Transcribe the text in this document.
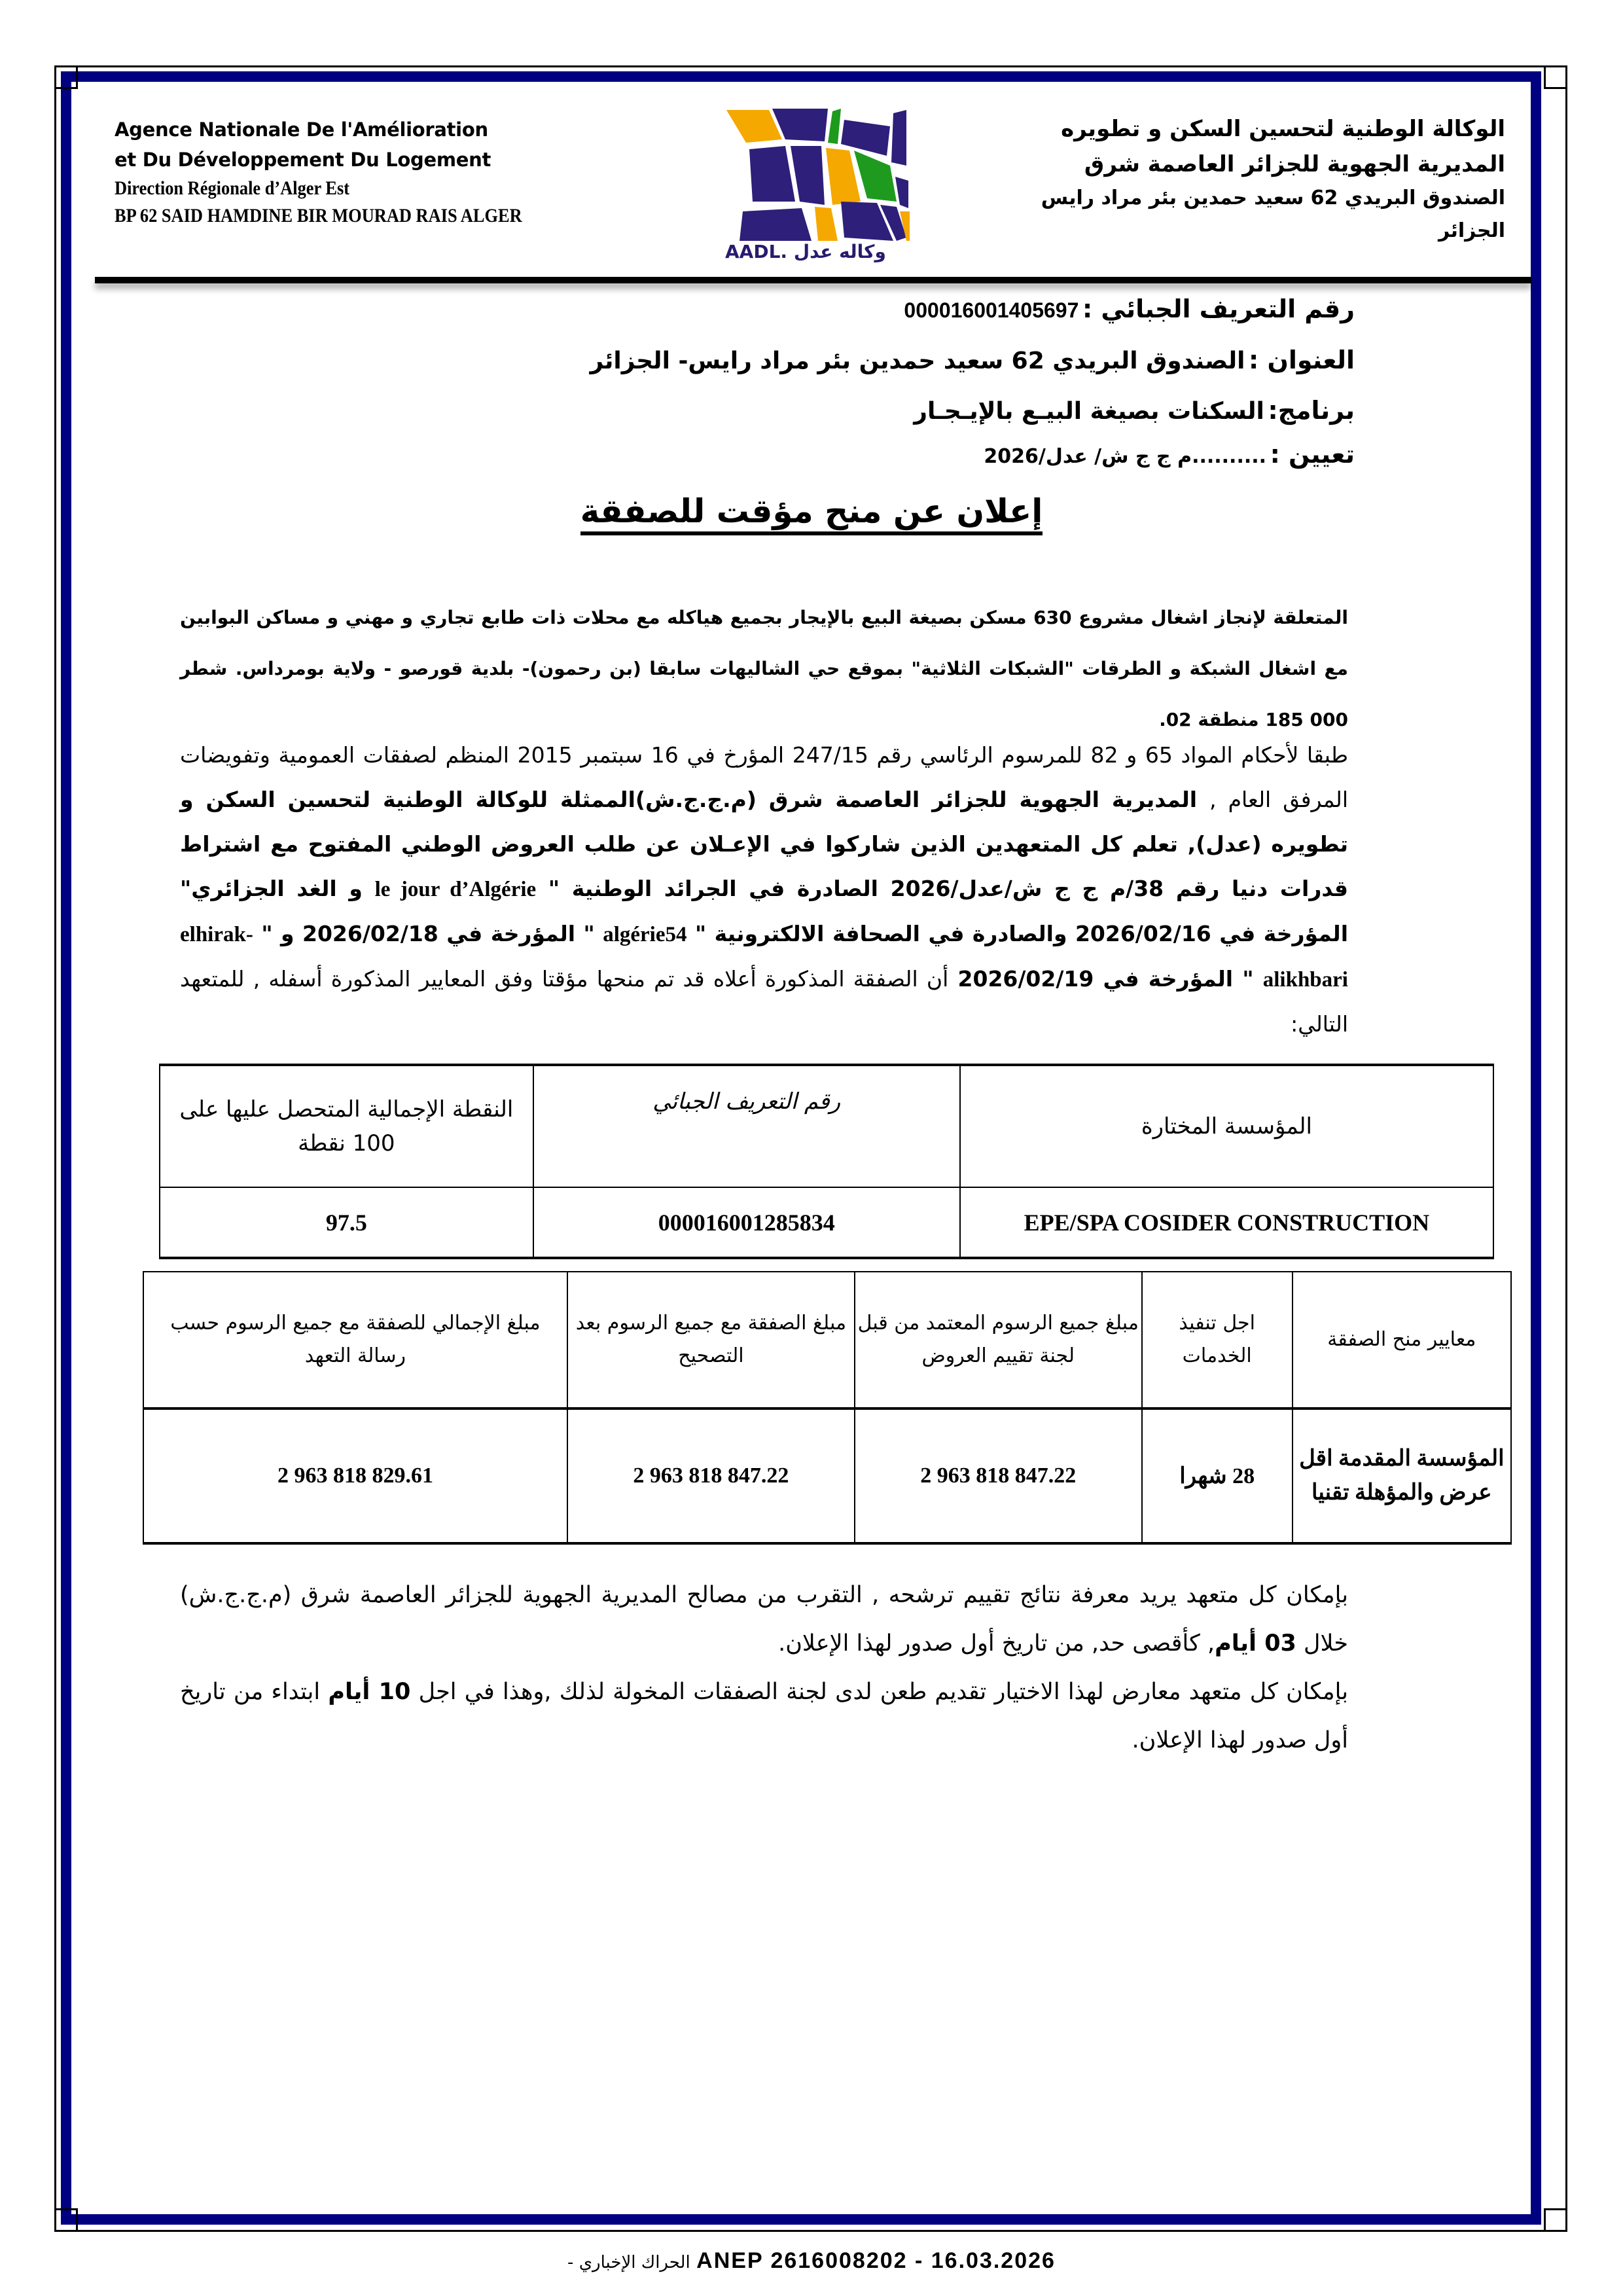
Agence Nationale De l'Amélioration
et Du Développement Du Logement
Direction Régionale d’Alger Est
BP 62 SAID HAMDINE BIR MOURAD RAIS ALGER
AADL. وكاله عدل
الوكالة الوطنية لتحسين السكن و تطويره
المديرية الجهوية للجزائر العاصمة شرق
الصندوق البريدي 62 سعيد حمدين بئر مراد رايس
الجزائر
رقم التعريف الجبائي : 000016001405697
العنوان : الصندوق البريدي 62 سعيد حمدين بئر مراد رايس- الجزائر
برنامج: السكنات بصيغة البيـع بالإيـجـار
تعيين : ..........م ج ج ش/ عدل/2026
إعلان عن منح مؤقت للصفقة
المتعلقة لإنجاز اشغال مشروع 630 مسكن بصيغة البيع بالإيجار بجميع هياكله مع محلات ذات طابع تجاري و مهني و مساكن البوابين مع اشغال الشبكة و الطرقات "الشبكات الثلاثية" بموقع حي الشاليهات سابقا (بن رحمون)- بلدية قورصو - ولاية بومرداس. شطر 000 185 منطقة 02.
طبقا لأحكام المواد 65 و 82 للمرسوم الرئاسي رقم 247/15 المؤرخ في 16 سبتمبر 2015 المنظم لصفقات العمومية وتفويضات المرفق العام , المديرية الجهوية للجزائر العاصمة شرق (م.ج.ج.ش)الممثلة للوكالة الوطنية لتحسين السكن و تطويره (عدل), تعلم كل المتعهدين الذين شاركوا في الإعـلان عن طلب العروض الوطني المفتوح مع اشتراط قدرات دنيا رقم 38/م ج ج ش/عدل/2026 الصادرة في الجرائد الوطنية " le jour d’Algérie و الغد الجزائري" المؤرخة في 2026/02/16 والصادرة في الصحافة الالكترونية " algérie54 " المؤرخة في 2026/02/18 و " elhirak-alikhbari " المؤرخة في 2026/02/19 أن الصفقة المذكورة أعلاه قد تم منحها مؤقتا وفق المعايير المذكورة أسفله , للمتعهد التالي:
المؤسسة المختارة	رقم التعريف الجبائي	النقطة الإجمالية المتحصل عليها على 100 نقطة
EPE/SPA COSIDER CONSTRUCTION	000016001285834	97.5
معايير منح الصفقة	اجل تنفيذ الخدمات	مبلغ جميع الرسوم المعتمد من قبل لجنة تقييم العروض	مبلغ الصفقة مع جميع الرسوم بعد التصحيح	مبلغ الإجمالي للصفقة مع جميع الرسوم حسب رسالة التعهد
المؤسسة المقدمة اقل عرض والمؤهلة تقنيا	28 شهرا	2 963 818 847.22	2 963 818 847.22	2 963 818 829.61
بإمكان كل متعهد يريد معرفة نتائج تقييم ترشحه , التقرب من مصالح المديرية الجهوية للجزائر العاصمة شرق (م.ج.ج.ش) خلال 03 أيام, كأقصى حد, من تاريخ أول صدور لهذا الإعلان.
بإمكان كل متعهد معارض لهذا الاختيار تقديم طعن لدى لجنة الصفقات المخولة لذلك ,وهذا في اجل 10 أيام ابتداء من تاريخ أول صدور لهذا الإعلان.
- الحراك الإخباري ANEP 2616008202 - 16.03.2026
